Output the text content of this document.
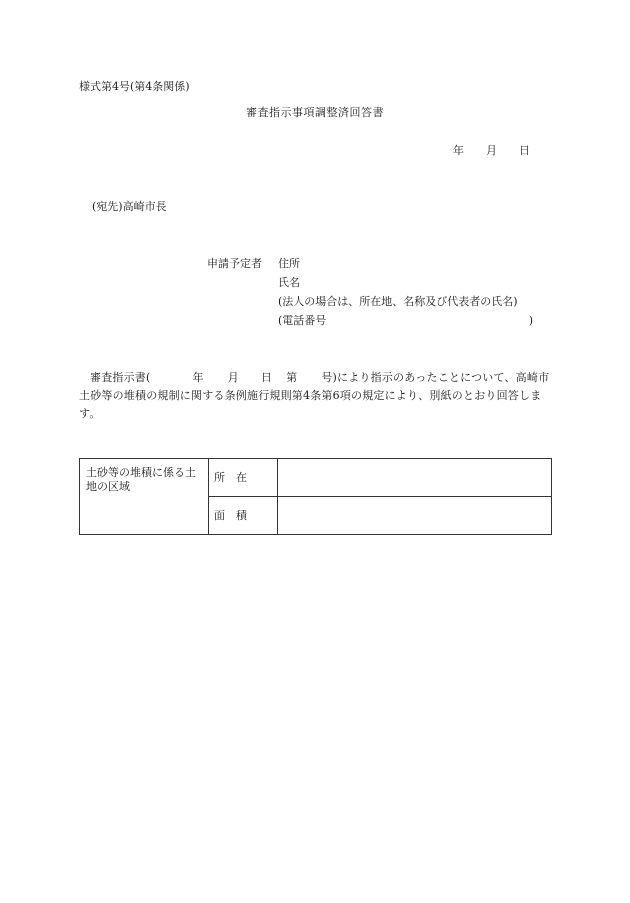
様式第4号(第4条関係)
審査指示事項調整済回答書
年 月 日
(宛先)高崎市長
申請予定者 住所
氏名
(法人の場合は、所在地、名称及び代表者の氏名)
(電話番号	)
審査指示書(	年 月 日 第 号)により指示のあったことについて、高崎市土砂等の堆積の規制に関する条例施行規則第4条第6項の規定により、別紙のとおり回答します。
土砂等の堆積に係る土地の区域	所　在	
	面　積	
